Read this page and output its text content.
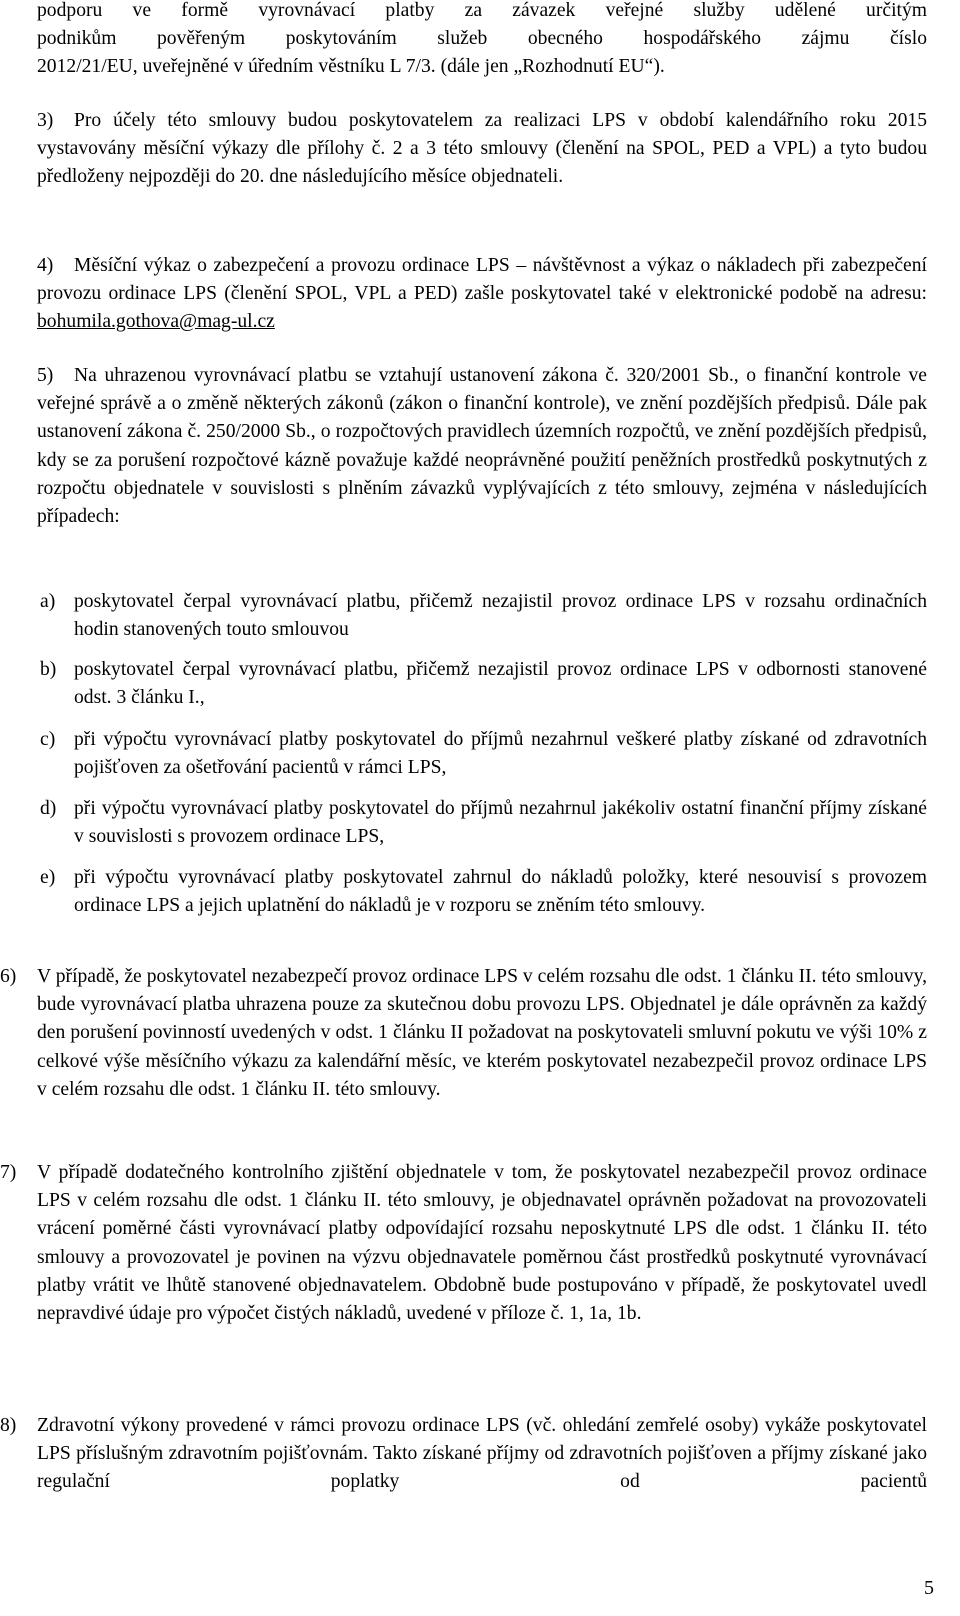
podporu ve formě vyrovnávací platby za závazek veřejné služby udělené určitým

podnikům pověřeným poskytováním služeb obecného hospodářského zájmu číslo

2012/21/EU, uveřejněné v úředním věstníku L 7/3. (dále jen „Rozhodnutí EU“).

3)	Pro účely této smlouvy budou poskytovatelem za realizaci LPS v období kalendářního roku 2015 vystavovány měsíční výkazy dle přílohy č. 2 a 3 této smlouvy (členění na SPOL, PED a VPL) a tyto budou předloženy nejpozději do 20. dne následujícího měsíce objednateli.
4)	Měsíční výkaz o zabezpečení a provozu ordinace LPS – návštěvnost a výkaz o nákladech při zabezpečení provozu ordinace LPS (členění SPOL, VPL a PED) zašle poskytovatel také v elektronické podobě na adresu: bohumila.gothova@mag-ul.cz
5)	Na uhrazenou vyrovnávací platbu se vztahují ustanovení zákona č. 320/2001 Sb., o finanční kontrole ve veřejné správě a o změně některých zákonů (zákon o finanční kontrole), ve znění pozdějších předpisů. Dále pak ustanovení zákona č. 250/2000 Sb., o rozpočtových pravidlech územních rozpočtů, ve znění pozdějších předpisů, kdy se za porušení rozpočtové kázně považuje každé neoprávněné použití peněžních prostředků poskytnutých z rozpočtu objednatele v souvislosti s plněním závazků vyplývajících z této smlouvy, zejména v následujících případech:
a) poskytovatel čerpal vyrovnávací platbu, přičemž nezajistil provoz ordinace LPS v rozsahu ordinačních hodin stanovených touto smlouvou
b) poskytovatel čerpal vyrovnávací platbu, přičemž nezajistil provoz ordinace LPS v odbornosti stanovené odst. 3 článku I.,
c) při výpočtu vyrovnávací platby poskytovatel do příjmů nezahrnul veškeré platby získané od zdravotních pojišťoven za ošetřování pacientů v rámci LPS,
d) při výpočtu vyrovnávací platby poskytovatel do příjmů nezahrnul jakékoliv ostatní finanční příjmy získané v souvislosti s provozem ordinace LPS,
e) při výpočtu vyrovnávací platby poskytovatel zahrnul do nákladů položky, které nesouvisí s provozem ordinace LPS a jejich uplatnění do nákladů je v rozporu se zněním této smlouvy.
6)	V případě, že poskytovatel nezabezpečí provoz ordinace LPS v celém rozsahu dle odst. 1 článku II. této smlouvy, bude vyrovnávací platba uhrazena pouze za skutečnou dobu provozu LPS. Objednatel je dále oprávněn za každý den porušení povinností uvedených v odst. 1 článku II požadovat na poskytovateli smluvní pokutu ve výši 10% z celkové výše měsíčního výkazu za kalendářní měsíc, ve kterém poskytovatel nezabezpečil provoz ordinace LPS v celém rozsahu dle odst. 1 článku II. této smlouvy.
7)	V případě dodatečného kontrolního zjištění objednatele v tom, že poskytovatel nezabezpečil provoz ordinace LPS v celém rozsahu dle odst. 1 článku II. této smlouvy, je objednavatel oprávněn požadovat na provozovateli vrácení poměrné části vyrovnávací platby odpovídající rozsahu neposkytnuté LPS dle odst. 1 článku II. této smlouvy a provozovatel je povinen na výzvu objednavatele poměrnou část prostředků poskytnuté vyrovnávací platby vrátit ve lhůtě stanovené objednavatelem. Obdobně bude postupováno v případě, že poskytovatel uvedl nepravdivé údaje pro výpočet čistých nákladů, uvedené v příloze č. 1, 1a, 1b.
8)	Zdravotní výkony provedené v rámci provozu ordinace LPS (vč. ohledání zemřelé osoby) vykáže poskytovatel LPS příslušným zdravotním pojišťovnám. Takto získané příjmy od zdravotních pojišťoven a příjmy získané jako regulační poplatky od pacientů
5
